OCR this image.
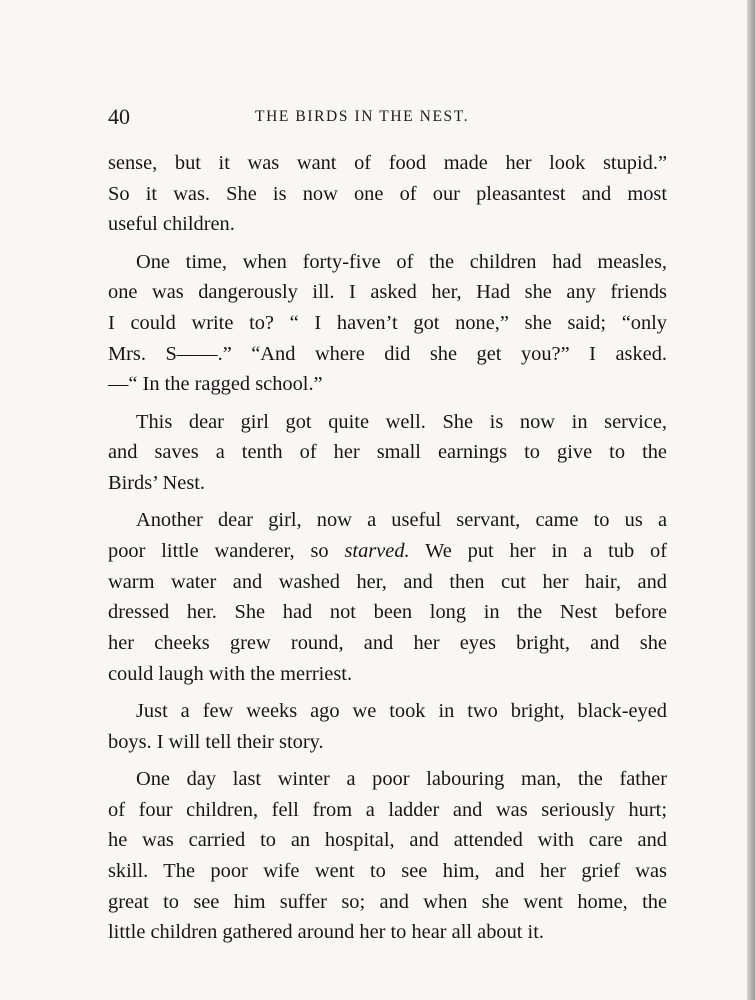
40	THE BIRDS IN THE NEST.

sense, but it was want of food made her look stupid.”
So it was. She is now one of our pleasantest and most
useful children.

One time, when forty-five of the children had measles,
one was dangerously ill. I asked her, Had she any friends
I could write to? “ I haven’t got none,” she said; “only
Mrs. S——.” “And where did she get you?” I asked.
—“ In the ragged school.”

This dear girl got quite well. She is now in service,
and saves a tenth of her small earnings to give to the
Birds’ Nest.

Another dear girl, now a useful servant, came to us a
poor little wanderer, so starved. We put her in a tub of
warm water and washed her, and then cut her hair, and
dressed her. She had not been long in the Nest before
her cheeks grew round, and her eyes bright, and she
could laugh with the merriest.

Just a few weeks ago we took in two bright, black-eyed
boys. I will tell their story.

One day last winter a poor labouring man, the father
of four children, fell from a ladder and was seriously hurt;
he was carried to an hospital, and attended with care and
skill. The poor wife went to see him, and her grief was
great to see him suffer so; and when she went home, the
little children gathered around her to hear all about it.
